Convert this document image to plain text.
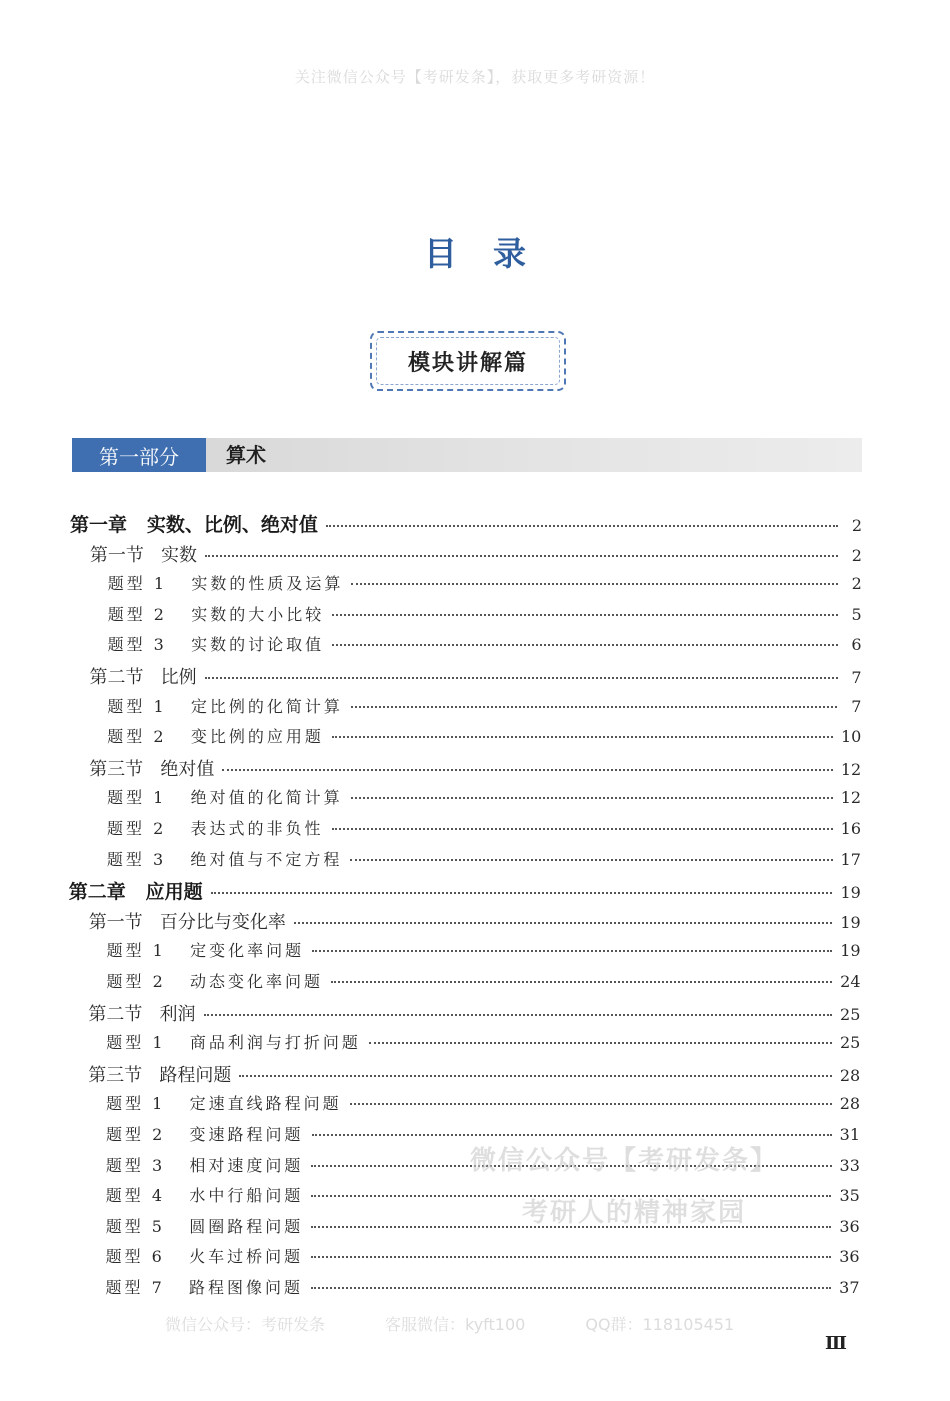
关注微信公众号【考研发条】，获取更多考研资源！
目录
模块讲解篇
第一部分	算术
第一章   实数、比例、绝对值	2
第一节   实数	2
题型 1   实数的性质及运算	2
题型 2   实数的大小比较	5
题型 3   实数的讨论取值	6
第二节   比例	7
题型 1   定比例的化简计算	7
题型 2   变比例的应用题	10
第三节   绝对值	12
题型 1   绝对值的化简计算	12
题型 2   表达式的非负性	16
题型 3   绝对值与不定方程	17
第二章   应用题	19
第一节   百分比与变化率	19
题型 1   定变化率问题	19
题型 2   动态变化率问题	24
第二节   利润	25
题型 1   商品利润与打折问题	25
第三节   路程问题	28
题型 1   定速直线路程问题	28
题型 2   变速路程问题	31
题型 3   相对速度问题	33
题型 4   水中行船问题	35
题型 5   圆圈路程问题	36
题型 6   火车过桥问题	36
题型 7   路程图像问题	37
微信公众号【考研发条】
考研人的精神家园
微信公众号：考研发条	客服微信：kyft100	QQ群：118105451
Ⅲ
